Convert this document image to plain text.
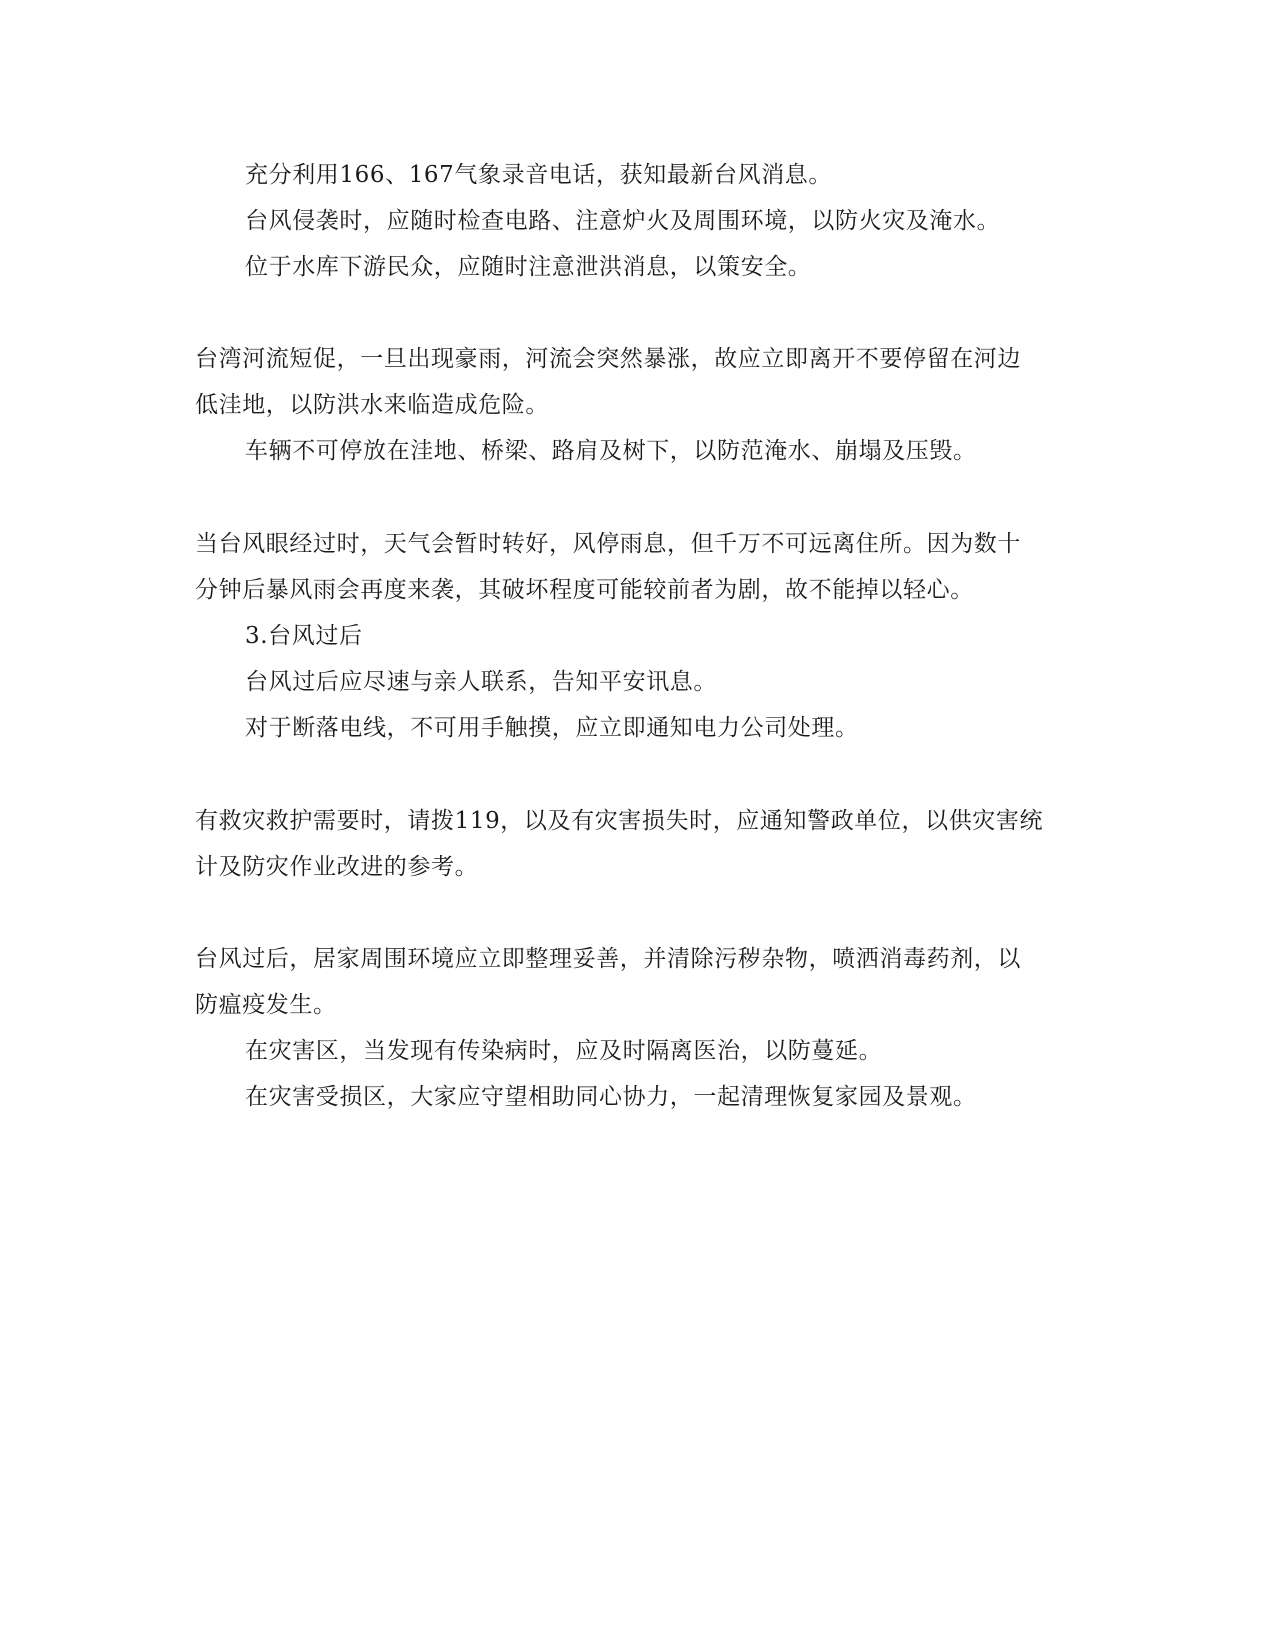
充分利用166、167气象录音电话，获知最新台风消息。

台风侵袭时，应随时检查电路、注意炉火及周围环境，以防火灾及淹水。

位于水库下游民众，应随时注意泄洪消息，以策安全。

台湾河流短促，一旦出现豪雨，河流会突然暴涨，故应立即离开不要停留在河边

低洼地，以防洪水来临造成危险。

车辆不可停放在洼地、桥梁、路肩及树下，以防范淹水、崩塌及压毁。

当台风眼经过时，天气会暂时转好，风停雨息，但千万不可远离住所。因为数十

分钟后暴风雨会再度来袭，其破坏程度可能较前者为剧，故不能掉以轻心。

3.台风过后

台风过后应尽速与亲人联系，告知平安讯息。

对于断落电线，不可用手触摸，应立即通知电力公司处理。

有救灾救护需要时，请拨119，以及有灾害损失时，应通知警政单位，以供灾害统

计及防灾作业改进的参考。

台风过后，居家周围环境应立即整理妥善，并清除污秽杂物，喷洒消毒药剂，以

防瘟疫发生。

在灾害区，当发现有传染病时，应及时隔离医治，以防蔓延。

在灾害受损区，大家应守望相助同心协力，一起清理恢复家园及景观。
